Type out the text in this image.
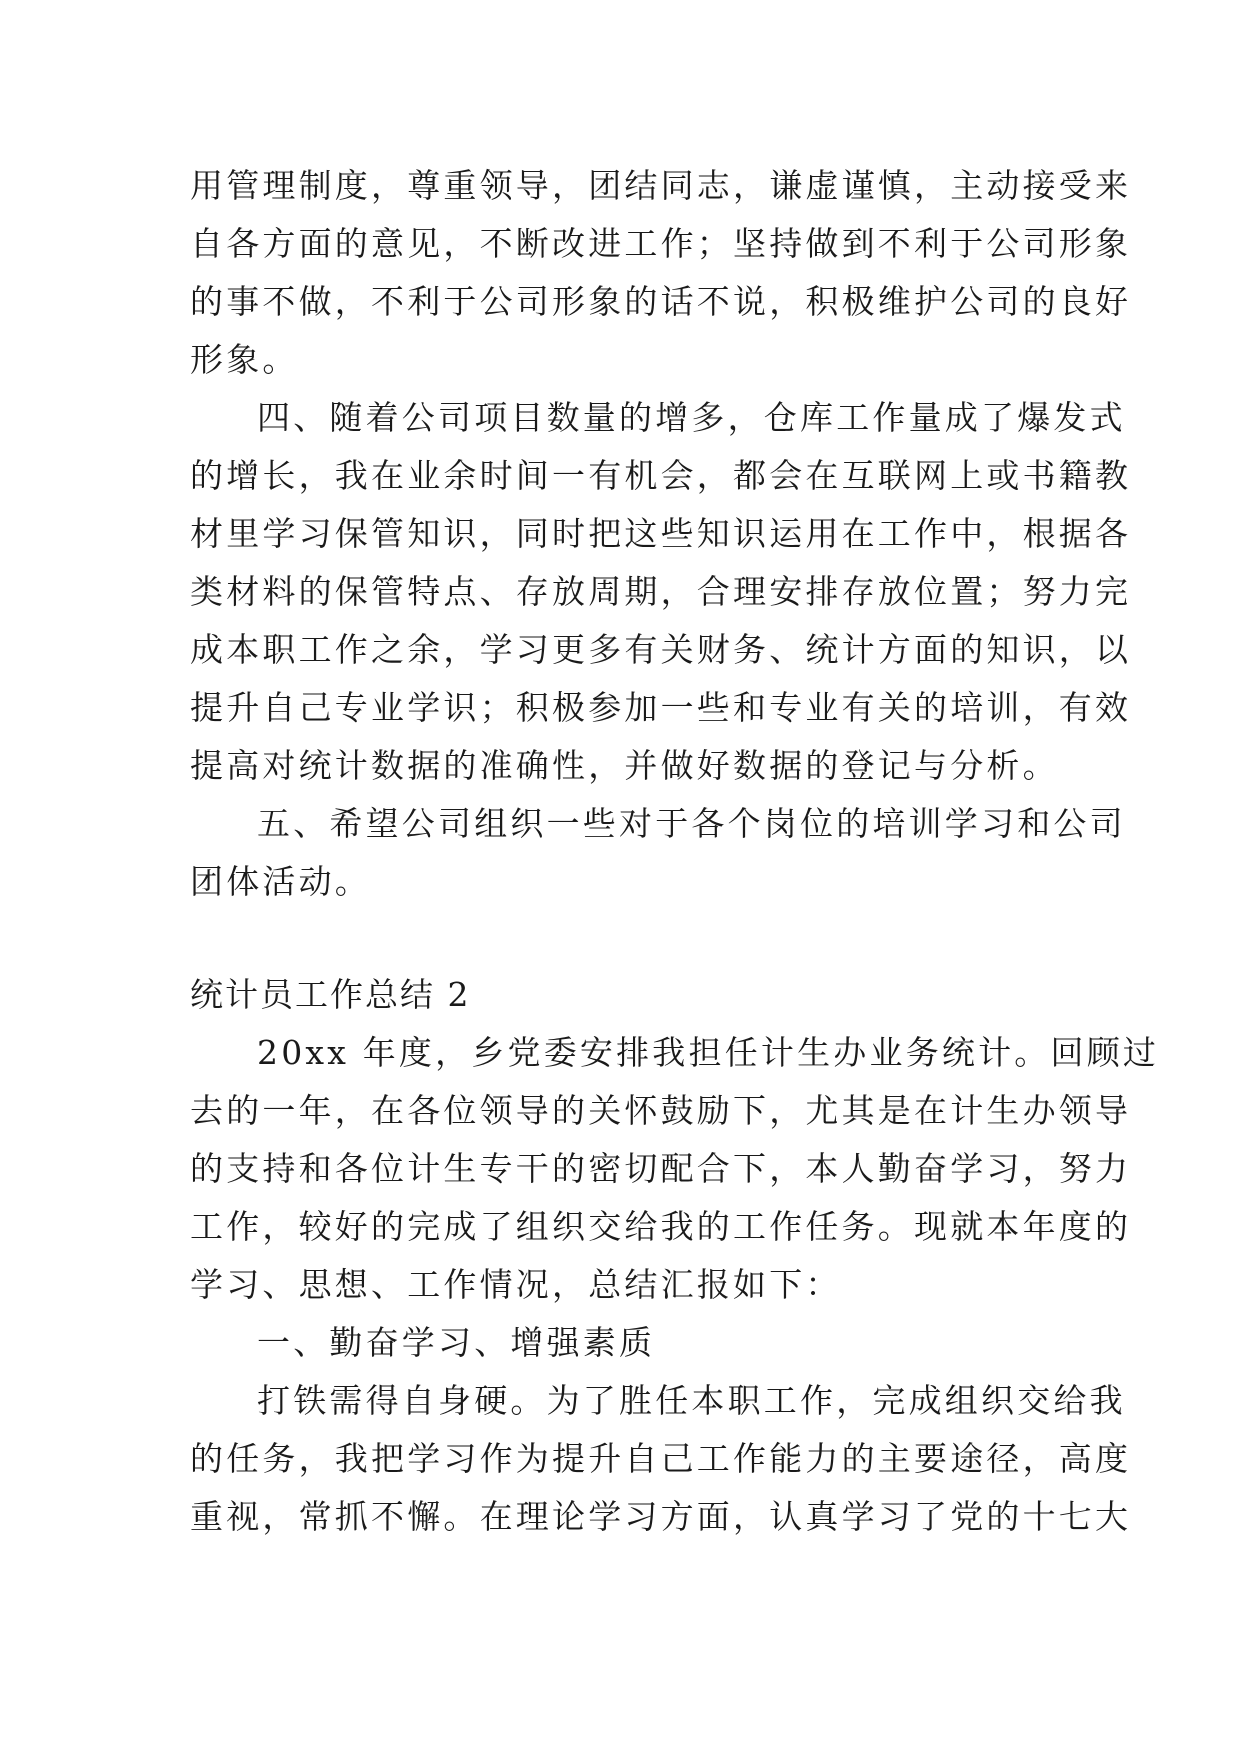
用管理制度，尊重领导，团结同志，谦虚谨慎，主动接受来
自各方面的意见，不断改进工作；坚持做到不利于公司形象
的事不做，不利于公司形象的话不说，积极维护公司的良好
形象。
四、随着公司项目数量的增多，仓库工作量成了爆发式
的增长，我在业余时间一有机会，都会在互联网上或书籍教
材里学习保管知识，同时把这些知识运用在工作中，根据各
类材料的保管特点、存放周期，合理安排存放位置；努力完
成本职工作之余，学习更多有关财务、统计方面的知识，以
提升自己专业学识；积极参加一些和专业有关的培训，有效
提高对统计数据的准确性，并做好数据的登记与分析。
五、希望公司组织一些对于各个岗位的培训学习和公司
团体活动。
统计员工作总结 2
20xx 年度，乡党委安排我担任计生办业务统计。回顾过
去的一年，在各位领导的关怀鼓励下，尤其是在计生办领导
的支持和各位计生专干的密切配合下，本人勤奋学习，努力
工作，较好的完成了组织交给我的工作任务。现就本年度的
学习、思想、工作情况，总结汇报如下：
一、勤奋学习、增强素质
打铁需得自身硬。为了胜任本职工作，完成组织交给我
的任务，我把学习作为提升自己工作能力的主要途径，高度
重视，常抓不懈。在理论学习方面，认真学习了党的十七大
